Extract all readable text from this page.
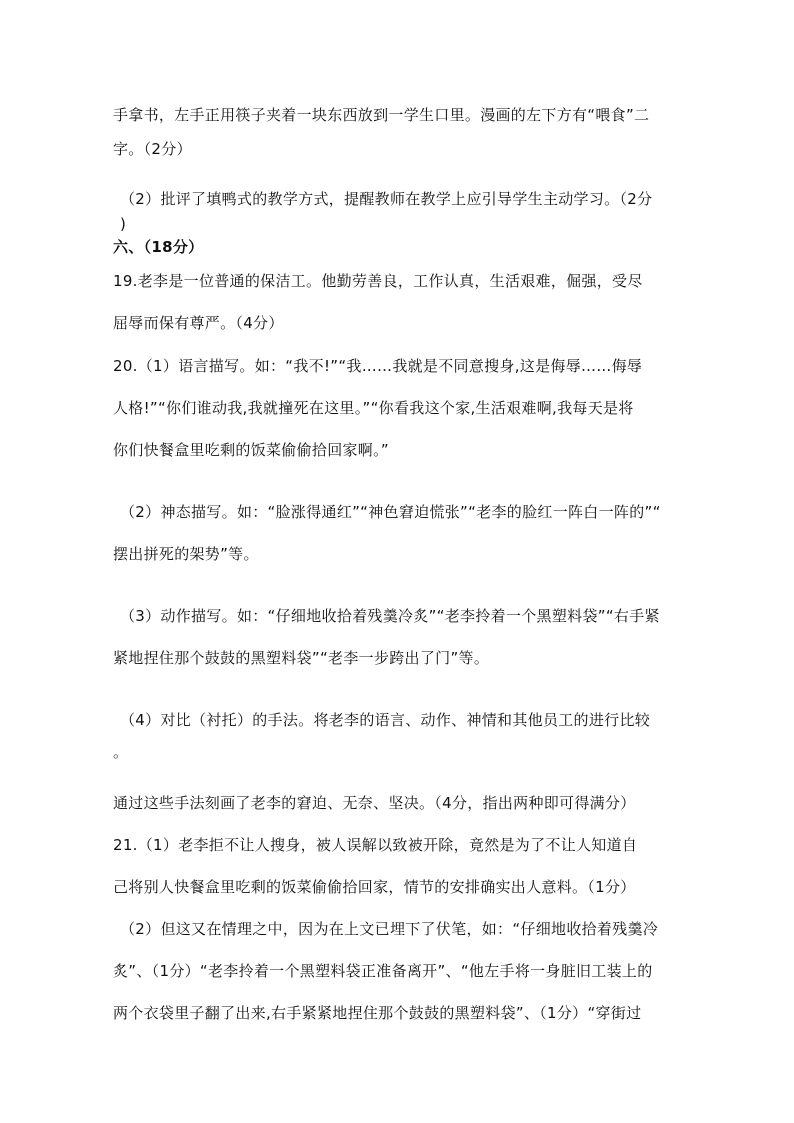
手拿书，左手正用筷子夹着一块东西放到一学生口里。漫画的左下方有“喂食”二
字。（2分）
（2）批评了填鸭式的教学方式，提醒教师在教学上应引导学生主动学习。（2分
)
六、（18分）
19.老李是一位普通的保洁工。他勤劳善良，工作认真，生活艰难，倔强，受尽
屈辱而保有尊严。（4分）
20.（1）语言描写。如：“我不!”“我……我就是不同意搜身,这是侮辱……侮辱
人格!”“你们谁动我,我就撞死在这里。”“你看我这个家,生活艰难啊,我每天是将
你们快餐盒里吃剩的饭菜偷偷拾回家啊。”
（2）神态描写。如：“脸涨得通红”“神色窘迫慌张”“老李的脸红一阵白一阵的”“
摆出拼死的架势”等。
（3）动作描写。如：“仔细地收拾着残羹冷炙”“老李拎着一个黑塑料袋”“右手紧
紧地捏住那个鼓鼓的黑塑料袋”“老李一步跨出了门”等。
（4）对比（衬托）的手法。将老李的语言、动作、神情和其他员工的进行比较
。
通过这些手法刻画了老李的窘迫、无奈、坚决。（4分，指出两种即可得满分）
21.（1）老李拒不让人搜身，被人误解以致被开除，竟然是为了不让人知道自
己将别人快餐盒里吃剩的饭菜偷偷拾回家，情节的安排确实出人意料。（1分）
（2）但这又在情理之中，因为在上文已埋下了伏笔，如：“仔细地收拾着残羹冷
炙”、（1分）“老李拎着一个黑塑料袋正准备离开”、“他左手将一身脏旧工装上的
两个衣袋里子翻了出来,右手紧紧地捏住那个鼓鼓的黑塑料袋”、（1分）“穿街过
